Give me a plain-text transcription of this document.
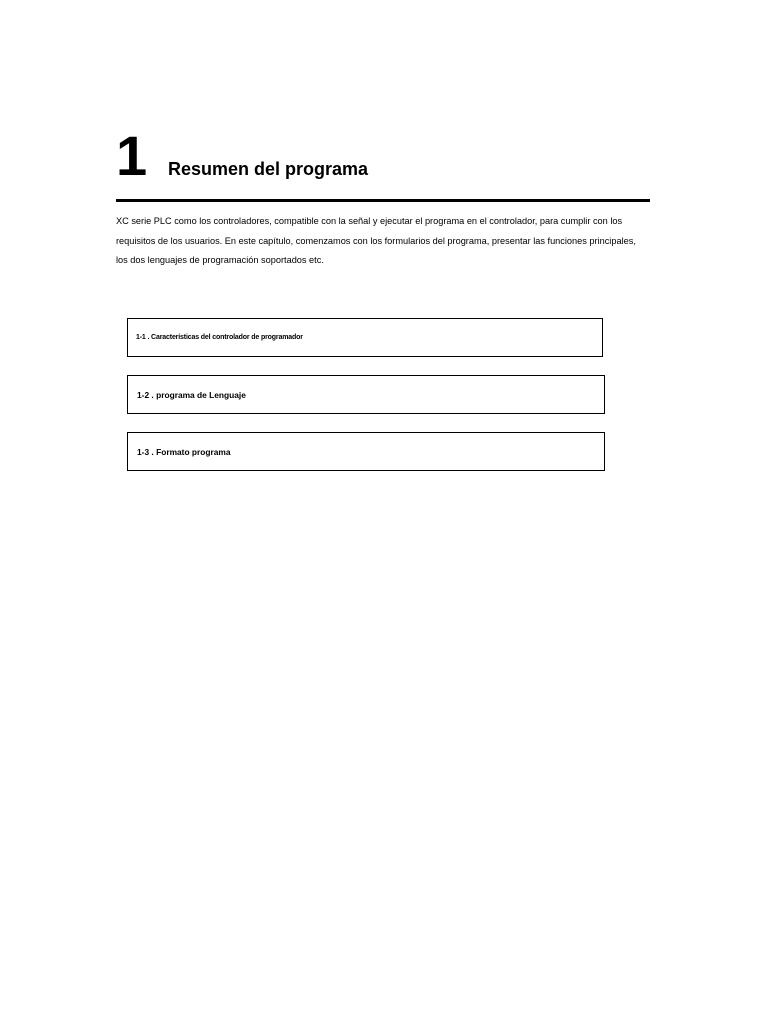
1 Resumen del programa

XC serie PLC como los controladores, compatible con la señal y ejecutar el programa en el controlador, para cumplir con los
requisitos de los usuarios. En este capítulo, comenzamos con los formularios del programa, presentar las funciones principales,
los dos lenguajes de programación soportados etc.

1-1 . Características del controlador de programador
1-2 . programa de Lenguaje
1-3 . Formato programa
